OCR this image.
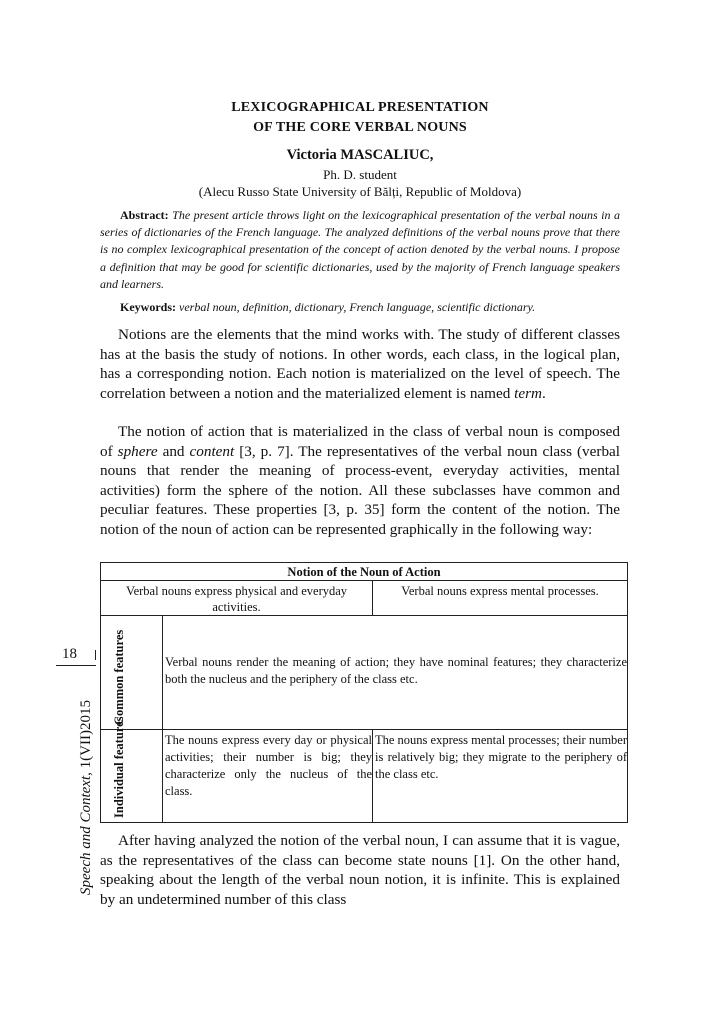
LEXICOGRAPHICAL PRESENTATION
OF THE CORE VERBAL NOUNS
Victoria MASCALIUC,
Ph. D. student
(Alecu Russo State University of Bălți, Republic of Moldova)
Abstract: The present article throws light on the lexicographical presentation of the verbal nouns in a series of dictionaries of the French language. The analyzed definitions of the verbal nouns prove that there is no complex lexicographical presentation of the concept of action denoted by the verbal nouns. I propose a definition that may be good for scientific dictionaries, used by the majority of French language speakers and learners.
Keywords: verbal noun, definition, dictionary, French language, scientific dictionary.
Notions are the elements that the mind works with. The study of different classes has at the basis the study of notions. In other words, each class, in the logical plan, has a corresponding notion. Each notion is materialized on the level of speech. The correlation between a notion and the materialized element is named term.
The notion of action that is materialized in the class of verbal noun is composed of sphere and content [3, p. 7]. The representatives of the verbal noun class (verbal nouns that render the meaning of process-event, everyday activities, mental activities) form the sphere of the notion. All these subclasses have common and peculiar features. These properties [3, p. 35] form the content of the notion. The notion of the noun of action can be represented graphically in the following way:
Notion of the Noun of Action
Verbal nouns express physical and everyday activities.
Verbal nouns express mental processes.
Common features	Verbal nouns render the meaning of action; they have nominal features; they characterize both the nucleus and the periphery of the class etc.
Individual features	The nouns express every day or physical activities; their number is big; they characterize only the nucleus of the class.
The nouns express mental processes; their number is relatively big; they migrate to the periphery of the class etc.
After having analyzed the notion of the verbal noun, I can assume that it is vague, as the representatives of the class can become state nouns [1]. On the other hand, speaking about the length of the verbal noun notion, it is infinite. This is explained by an undetermined number of this class
18
Speech and Context, 1(VII)2015
